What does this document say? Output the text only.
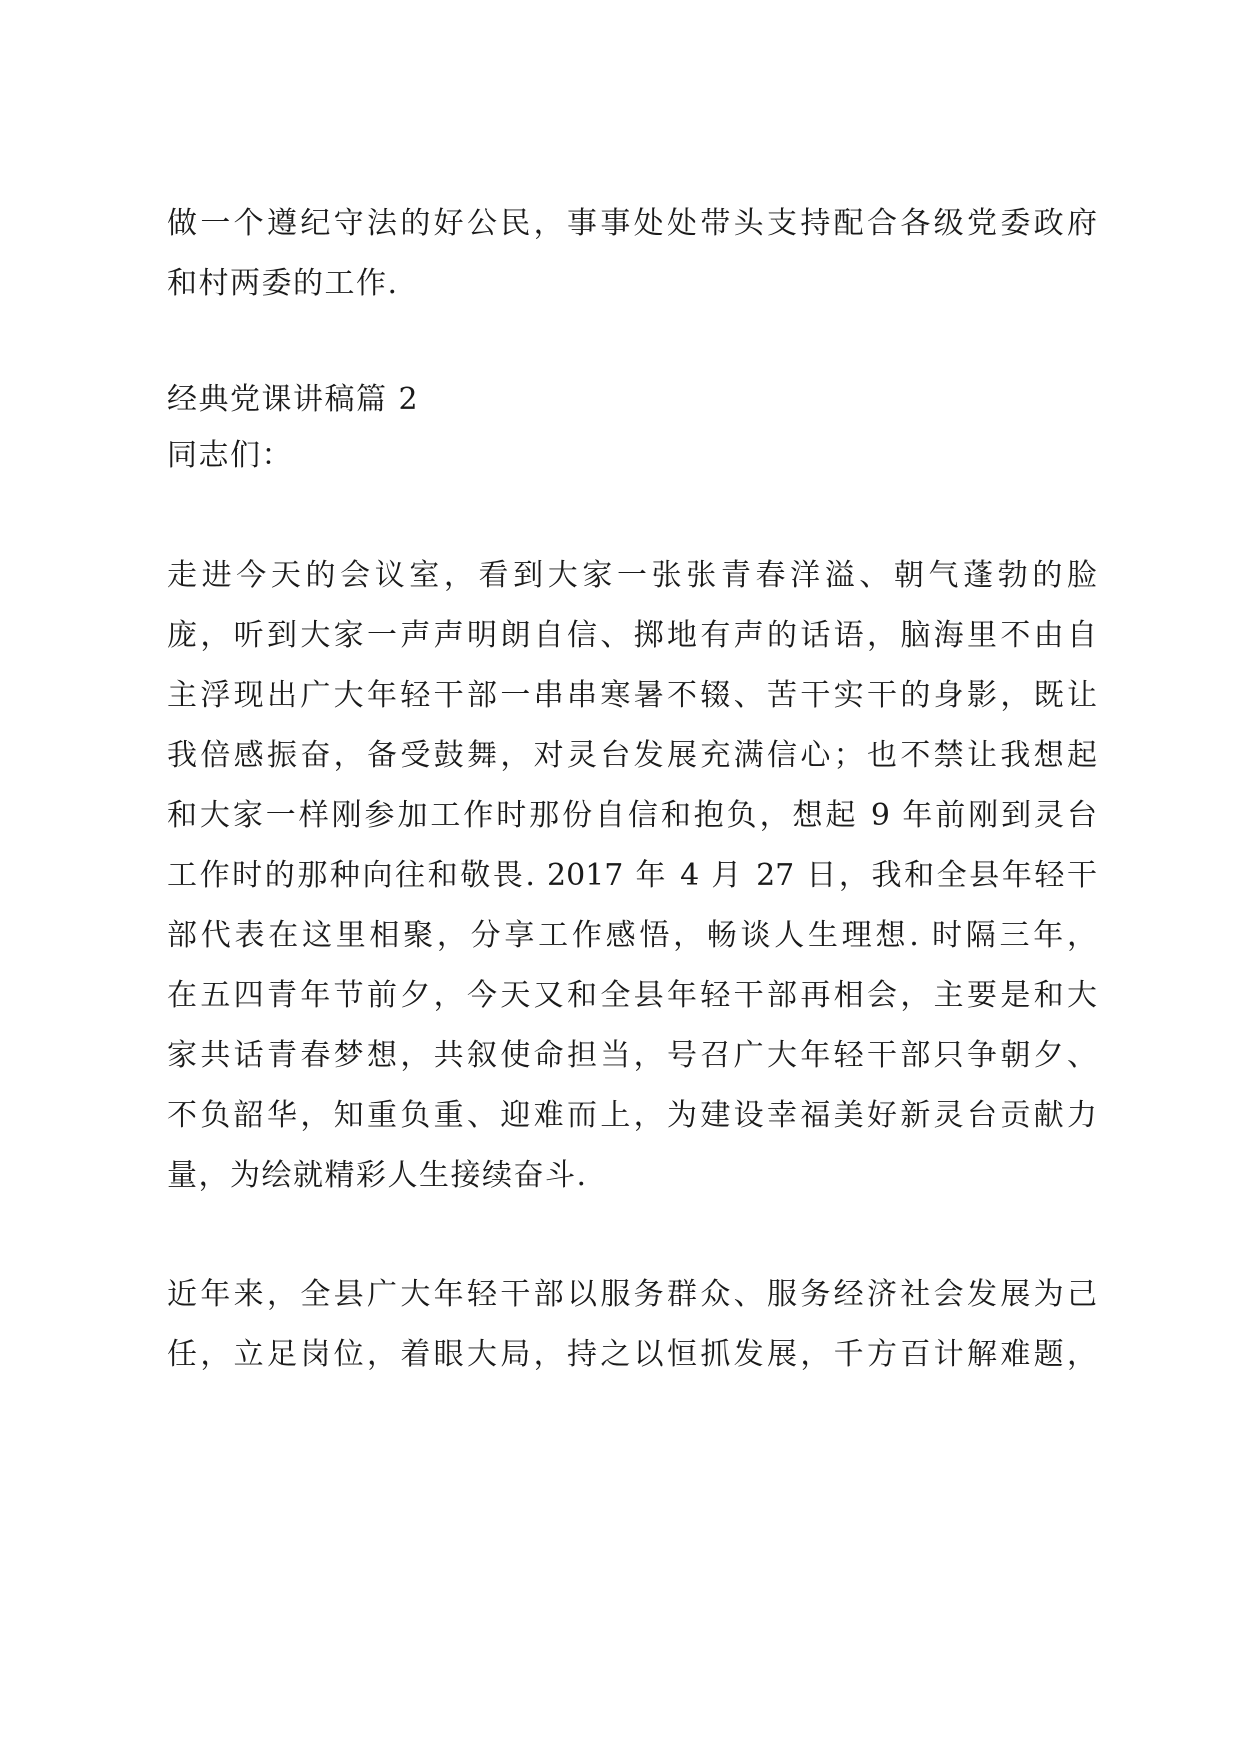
做一个遵纪守法的好公民，事事处处带头支持配合各级党委政府
和村两委的工作.
经典党课讲稿篇 2
同志们：
走进今天的会议室，看到大家一张张青春洋溢、朝气蓬勃的脸
庞，听到大家一声声明朗自信、掷地有声的话语，脑海里不由自
主浮现出广大年轻干部一串串寒暑不辍、苦干实干的身影，既让
我倍感振奋，备受鼓舞，对灵台发展充满信心；也不禁让我想起
和大家一样刚参加工作时那份自信和抱负，想起 9 年前刚到灵台
工作时的那种向往和敬畏. 2017 年 4 月 27 日，我和全县年轻干
部代表在这里相聚，分享工作感悟，畅谈人生理想. 时隔三年，
在五四青年节前夕，今天又和全县年轻干部再相会，主要是和大
家共话青春梦想，共叙使命担当，号召广大年轻干部只争朝夕、
不负韶华，知重负重、迎难而上，为建设幸福美好新灵台贡献力
量，为绘就精彩人生接续奋斗.
近年来，全县广大年轻干部以服务群众、服务经济社会发展为己
任，立足岗位，着眼大局，持之以恒抓发展，千方百计解难题，
